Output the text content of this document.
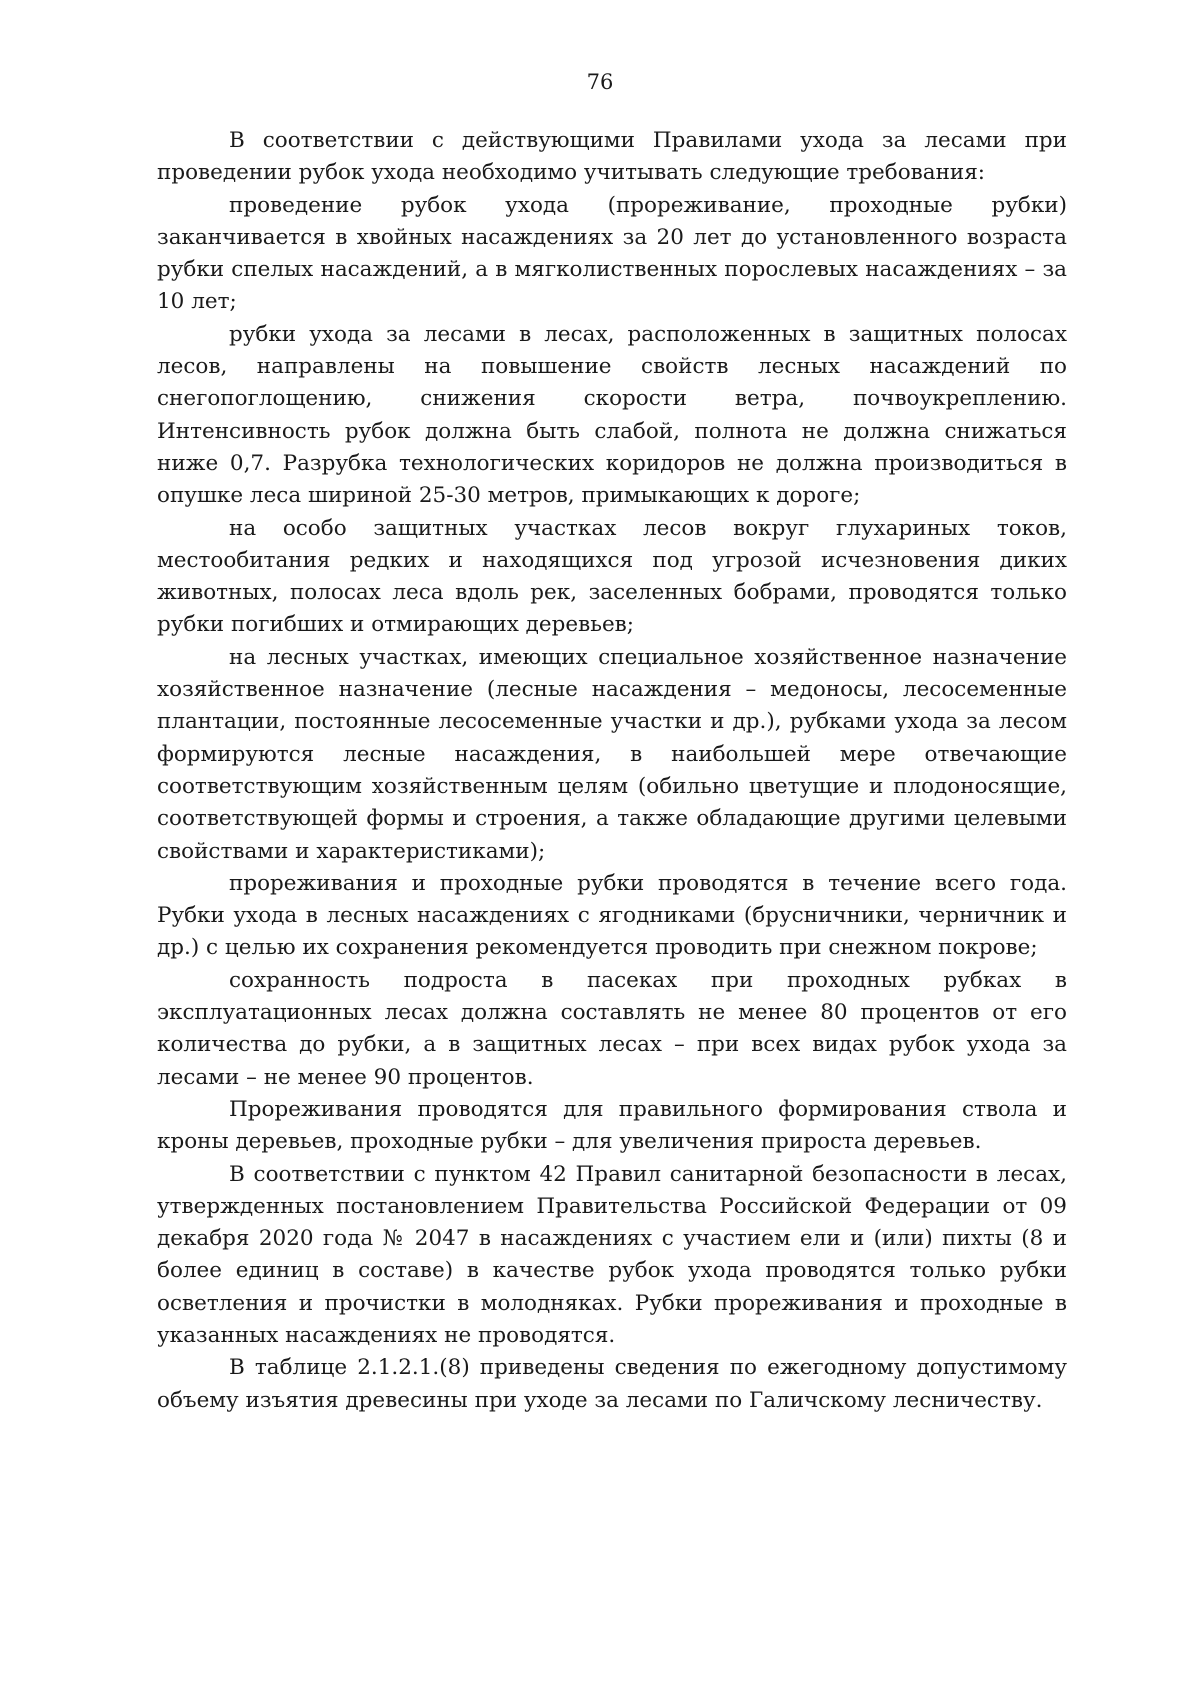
76

В соответствии с действующими Правилами ухода за лесами при проведении рубок ухода необходимо учитывать следующие требования:

проведение рубок ухода (прореживание, проходные рубки) заканчивается в хвойных насаждениях за 20 лет до установленного возраста рубки спелых насаждений, а в мягколиственных порослевых насаждениях – за 10 лет;

рубки ухода за лесами в лесах, расположенных в защитных полосах лесов, направлены на повышение свойств лесных насаждений по снегопоглощению, снижения скорости ветра, почвоукреплению. Интенсивность рубок должна быть слабой, полнота не должна снижаться ниже 0,7. Разрубка технологических коридоров не должна производиться в опушке леса шириной 25-30 метров, примыкающих к дороге;

на особо защитных участках лесов вокруг глухариных токов, местообитания редких и находящихся под угрозой исчезновения диких животных, полосах леса вдоль рек, заселенных бобрами, проводятся только рубки погибших и отмирающих деревьев;

на лесных участках, имеющих специальное хозяйственное назначение хозяйственное назначение (лесные насаждения – медоносы, лесосеменные плантации, постоянные лесосеменные участки и др.), рубками ухода за лесом формируются лесные насаждения, в наибольшей мере отвечающие соответствующим хозяйственным целям (обильно цветущие и плодоносящие, соответствующей формы и строения, а также обладающие другими целевыми свойствами и характеристиками);

прореживания и проходные рубки проводятся в течение всего года. Рубки ухода в лесных насаждениях с ягодниками (брусничники, черничник и др.) с целью их сохранения рекомендуется проводить при снежном покрове;

сохранность подроста в пасеках при проходных рубках в эксплуатационных лесах должна составлять не менее 80 процентов от его количества до рубки, а в защитных лесах – при всех видах рубок ухода за лесами – не менее 90 процентов.

Прореживания проводятся для правильного формирования ствола и кроны деревьев, проходные рубки – для увеличения прироста деревьев.

В соответствии с пунктом 42 Правил санитарной безопасности в лесах, утвержденных постановлением Правительства Российской Федерации от 09 декабря 2020 года № 2047 в насаждениях с участием ели и (или) пихты (8 и более единиц в составе) в качестве рубок ухода проводятся только рубки осветления и прочистки в молодняках. Рубки прореживания и проходные в указанных насаждениях не проводятся.

В таблице 2.1.2.1.(8) приведены сведения по ежегодному допустимому объему изъятия древесины при уходе за лесами по Галичскому лесничеству.
